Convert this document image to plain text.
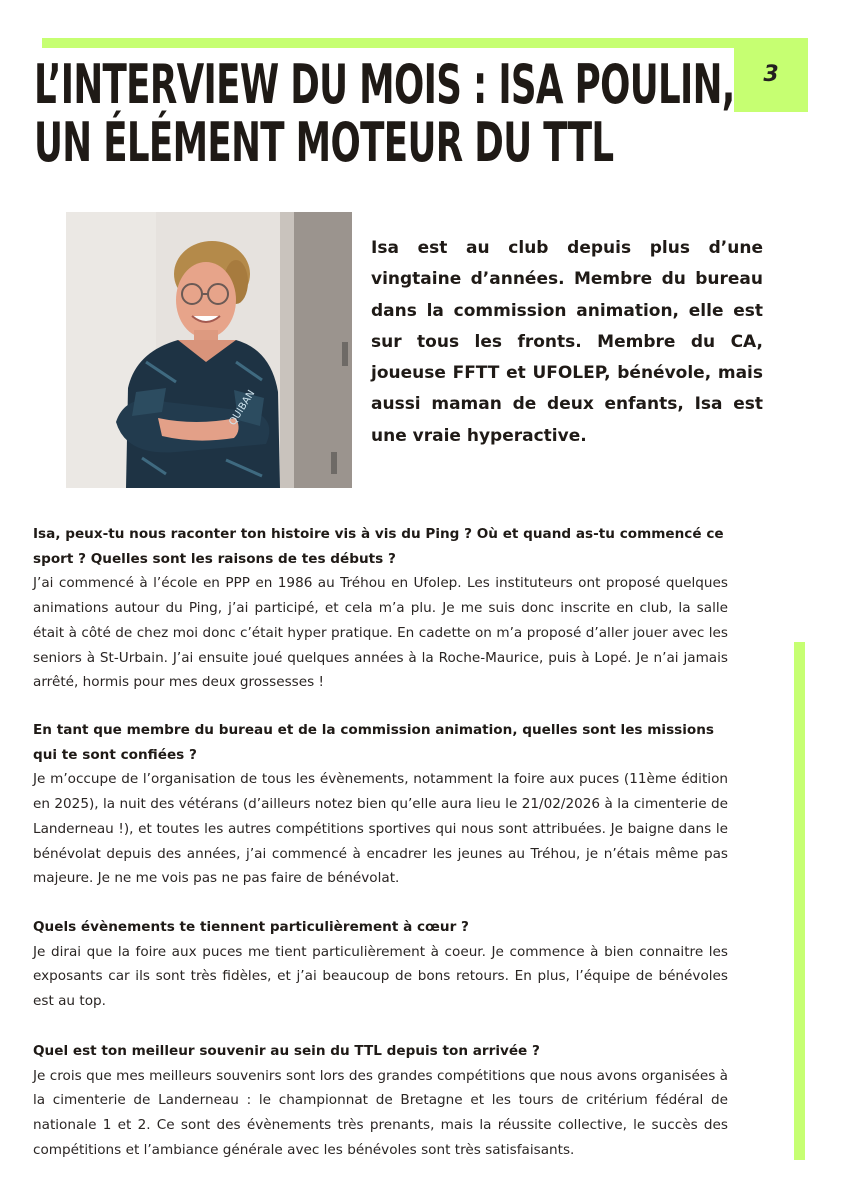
3
L’INTERVIEW DU MOIS : ISA POULIN,
UN ÉLÉMENT MOTEUR DU TTL
QUIBAN

Isa est au club depuis plus d’une vingtaine d’années. Membre du bureau dans la commission animation, elle est sur tous les fronts. Membre du CA, joueuse FFTT et UFOLEP, bénévole, mais aussi maman de deux enfants, Isa est une vraie hyperactive.

Isa, peux-tu nous raconter ton histoire vis à vis du Ping ? Où et quand as-tu commencé ce sport ? Quelles sont les raisons de tes débuts ?

J’ai commencé à l’école en PPP en 1986 au Tréhou en Ufolep. Les instituteurs ont proposé quelques animations autour du Ping, j’ai participé, et cela m’a plu. Je me suis donc inscrite en club, la salle était à côté de chez moi donc c’était hyper pratique. En cadette on m’a proposé d’aller jouer avec les seniors à St-Urbain. J’ai ensuite joué quelques années à la Roche-Maurice, puis à Lopé. Je n’ai jamais arrêté, hormis pour mes deux grossesses !

En tant que membre du bureau et de la commission animation, quelles sont les missions qui te sont confiées ?

Je m’occupe de l’organisation de tous les évènements, notamment la foire aux puces (11ème édition en 2025), la nuit des vétérans (d’ailleurs notez bien qu’elle aura lieu le 21/02/2026 à la cimenterie de Landerneau !), et toutes les autres compétitions sportives qui nous sont attribuées. Je baigne dans le bénévolat depuis des années, j’ai commencé à encadrer les jeunes au Tréhou, je n’étais même pas majeure. Je ne me vois pas ne pas faire de bénévolat.

Quels évènements te tiennent particulièrement à cœur ?

Je dirai que la foire aux puces me tient particulièrement à coeur. Je commence à bien connaitre les exposants car ils sont très fidèles, et j’ai beaucoup de bons retours. En plus, l’équipe de bénévoles est au top.

Quel est ton meilleur souvenir au sein du TTL depuis ton arrivée ?

Je crois que mes meilleurs souvenirs sont lors des grandes compétitions que nous avons organisées à la cimenterie de Landerneau : le championnat de Bretagne et les tours de critérium fédéral de nationale 1 et 2. Ce sont des évènements très prenants, mais la réussite collective, le succès des compétitions et l’ambiance générale avec les bénévoles sont très satisfaisants.
